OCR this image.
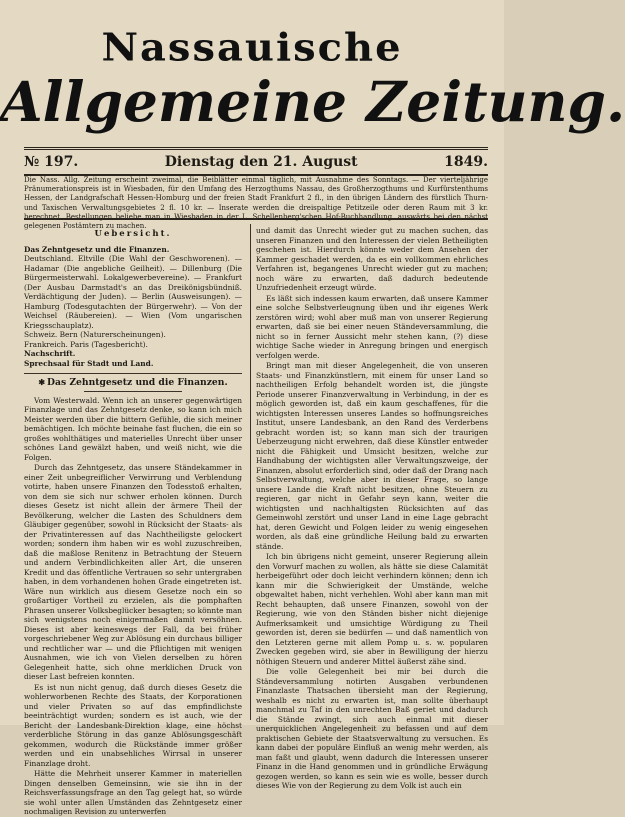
Nassauische
Allgemeine Zeitung.
№ 197.	Dienstag den 21. August	1849.
Die Nass. Allg. Zeitung erscheint zweimal, die Beiblätter einmal täglich, mit Ausnahme des Sonntags. — Der vierteljährige Pränumerationspreis ist in Wiesbaden, für den Umfang des Herzogthums Nassau, des Großherzogthums und Kurfürstenthums Hessen, der Landgrafschaft Hessen-Homburg und der freien Stadt Frankfurt 2 fl., in den übrigen Ländern des fürstlich Thurn- und Taxischen Verwaltungsgebietes 2 fl. 10 kr. — Inserate werden die dreispaltige Petitzeile oder deren Raum mit 3 kr. berechnet. Bestellungen beliebe man in Wiesbaden in der L. Schellenberg'schen Hof-Buchhandlung, auswärts bei den nächst gelegenen Postämtern zu machen.
Uebersicht.

Das Zehntgesetz und die Finanzen.

Deutschland. Eltville (Die Wahl der Geschworenen). — Hadamar (Die angebliche Geilheit). — Dillenburg (Die Bürgermeisterwahl. Lokalgewerbevereine). — Frankfurt (Der Ausbau Darmstadt's an das Dreikönigsbündniß. Verdächtigung der Juden). — Berlin (Ausweisungen). — Hamburg (Todesgutachten der Bürgerwehr). — Von der Weichsel (Räubereien). — Wien (Vom ungarischen Kriegsschauplatz).

Schweiz. Bern (Naturerscheinungen).

Frankreich. Paris (Tagesbericht).

Nachschrift.

Sprechsaal für Stadt und Land.

✱ Das Zehntgesetz und die Finanzen.

Vom Westerwald. Wenn ich an unserer gegenwärtigen Finanzlage und das Zehntgesetz denke, so kann ich mich Meister werden über die bittern Gefühle, die sich meiner bemächtigen. Ich möchte beinahe fast fluchen, die ein so großes wohlthätiges und materielles Unrecht über unser schönes Land gewälzt haben, und weiß nicht, wie die Folgen.

Durch das Zehntgesetz, das unsere Ständekammer in einer Zeit unbegreiflicher Verwirrung und Verblendung votirte, haben unsere Finanzen den Todesstoß erhalten, von dem sie sich nur schwer erholen können. Durch dieses Gesetz ist nicht allein der ärmere Theil der Bevölkerung, welcher die Lasten des Schuldners dem Gläubiger gegenüber, sowohl in Rücksicht der Staats- als der Privatinteressen auf das Nachtheiligste gelockert worden; sondern ihm haben wir es wohl zuzuschreiben, daß die maßlose Renitenz in Betrachtung der Steuern und andern Verbindlichkeiten aller Art, die unseren Kredit und das öffentliche Vertrauen so sehr untergraben haben, in dem vorhandenen hohen Grade eingetreten ist. Wäre nun wirklich aus diesem Gesetze noch ein so großartiger Vortheil zu erzielen, als die pomphaften Phrasen unserer Volksbeglücker besagten; so könnte man sich wenigstens noch einigermaßen damit versöhnen. Dieses ist aber keineswegs der Fall, da bei früher vorgeschriebener Weg zur Ablösung ein durchaus billiger und rechtlicher war — und die Pflichtigen mit wenigen Ausnahmen, wie ich von Vielen derselben zu hören Gelegenheit hatte, sich ohne merklichen Druck von dieser Last befreien konnten.

Es ist nun nicht genug, daß durch dieses Gesetz die wohlerworbenen Rechte des Staats, der Korporationen und vieler Privaten so auf das empfindlichste beeinträchtigt wurden; sondern es ist auch, wie der Bericht der Landesbank-Direktion klage, eine höchst verderbliche Störung in das ganze Ablösungsgeschäft gekommen, wodurch die Rückstände immer größer werden und ein unabsehliches Wirrsal in unserer Finanzlage droht.

Hätte die Mehrheit unserer Kammer in materiellen Dingen denselben Gemeinsinn, wie sie ihn in der Reichsverfassungsfrage an den Tag gelegt hat, so würde sie wohl unter allen Umständen das Zehntgesetz einer nochmaligen Revision zu unterwerfen

und damit das Unrecht wieder gut zu machen suchen, das unseren Finanzen und den Interessen der vielen Betheiligten geschehen ist. Hierdurch könnte weder dem Ansehen der Kammer geschadet werden, da es ein vollkommen ehrliches Verfahren ist, begangenes Unrecht wieder gut zu machen; noch wäre zu erwarten, daß dadurch bedeutende Unzufriedenheit erzeugt würde.

Es läßt sich indessen kaum erwarten, daß unsere Kammer eine solche Selbstverleugnung üben und ihr eigenes Werk zerstören wird; wohl aber muß man von unserer Regierung erwarten, daß sie bei einer neuen Ständeversammlung, die nicht so in ferner Aussicht mehr stehen kann, (?) diese wichtige Sache wieder in Anregung bringen und energisch verfolgen werde.

Bringt man mit dieser Angelegenheit, die von unseren Staats- und Finanzkünstlern, mit einem für unser Land so nachtheiligen Erfolg behandelt worden ist, die jüngste Periode unserer Finanzverwaltung in Verbindung, in der es möglich geworden ist, daß ein kaum geschaffenes, für die wichtigsten Interessen unseres Landes so hoffnungsreiches Institut, unsere Landesbank, an den Rand des Verderbens gebracht worden ist; so kann man sich der traurigen Ueberzeugung nicht erwehren, daß diese Künstler entweder nicht die Fähigkeit und Umsicht besitzen, welche zur Handhabung der wichtigsten aller Verwaltungszweige, der Finanzen, absolut erforderlich sind, oder daß der Drang nach Selbstverwaltung, welche aber in dieser Frage, so lange unsere Lande die Kraft nicht besitzen, ohne Steuern zu regieren, gar nicht in Gefahr seyn kann, weiter die wichtigsten und nachhaltigsten Rücksichten auf das Gemeinwohl zerstört und unser Land in eine Lage gebracht hat, deren Gewicht und Folgen leider zu wenig eingesehen worden, als daß eine gründliche Heilung bald zu erwarten stände.

Ich bin übrigens nicht gemeint, unserer Regierung allein den Vorwurf machen zu wollen, als hätte sie diese Calamität herbeigeführt oder doch leicht verhindern können; denn ich kann mir die Schwierigkeit der Umstände, welche obgewaltet haben, nicht verhehlen. Wohl aber kann man mit Recht behaupten, daß unsere Finanzen, sowohl von der Regierung, wie von den Ständen bisher nicht diejenige Aufmerksamkeit und umsichtige Würdigung zu Theil geworden ist, deren sie bedürfen — und daß namentlich von den Letzteren gerne mit allem Pomp u. s. w. popularen Zwecken gegeben wird, sie aber in Bewilligung der hierzu nöthigen Steuern und anderer Mittel äußerst zähe sind.

Die volle Gelegenheit bei mir bei durch die Ständeversammlung notirten Ausgaben verbundenen Finanzlaste Thatsachen übersieht man der Regierung, weshalb es nicht zu erwarten ist, man sollte überhaupt manchmal zu Taf in den unrechten Baß geriet und dadurch die Stände zwingt, sich auch einmal mit dieser unerquicklichen Angelegenheit zu befassen und auf dem praktischen Gebiete der Staatsverwaltung zu versuchen. Es kann dabei der populäre Einfluß an wenig mehr werden, als man faßt und glaubt, wenn dadurch die Interessen unserer Finanz in die Hand genommen und in gründliche Erwägung gezogen werden, so kann es sein wie es wolle, besser durch dieses Wie von der Regierung zu dem Volk ist auch ein
